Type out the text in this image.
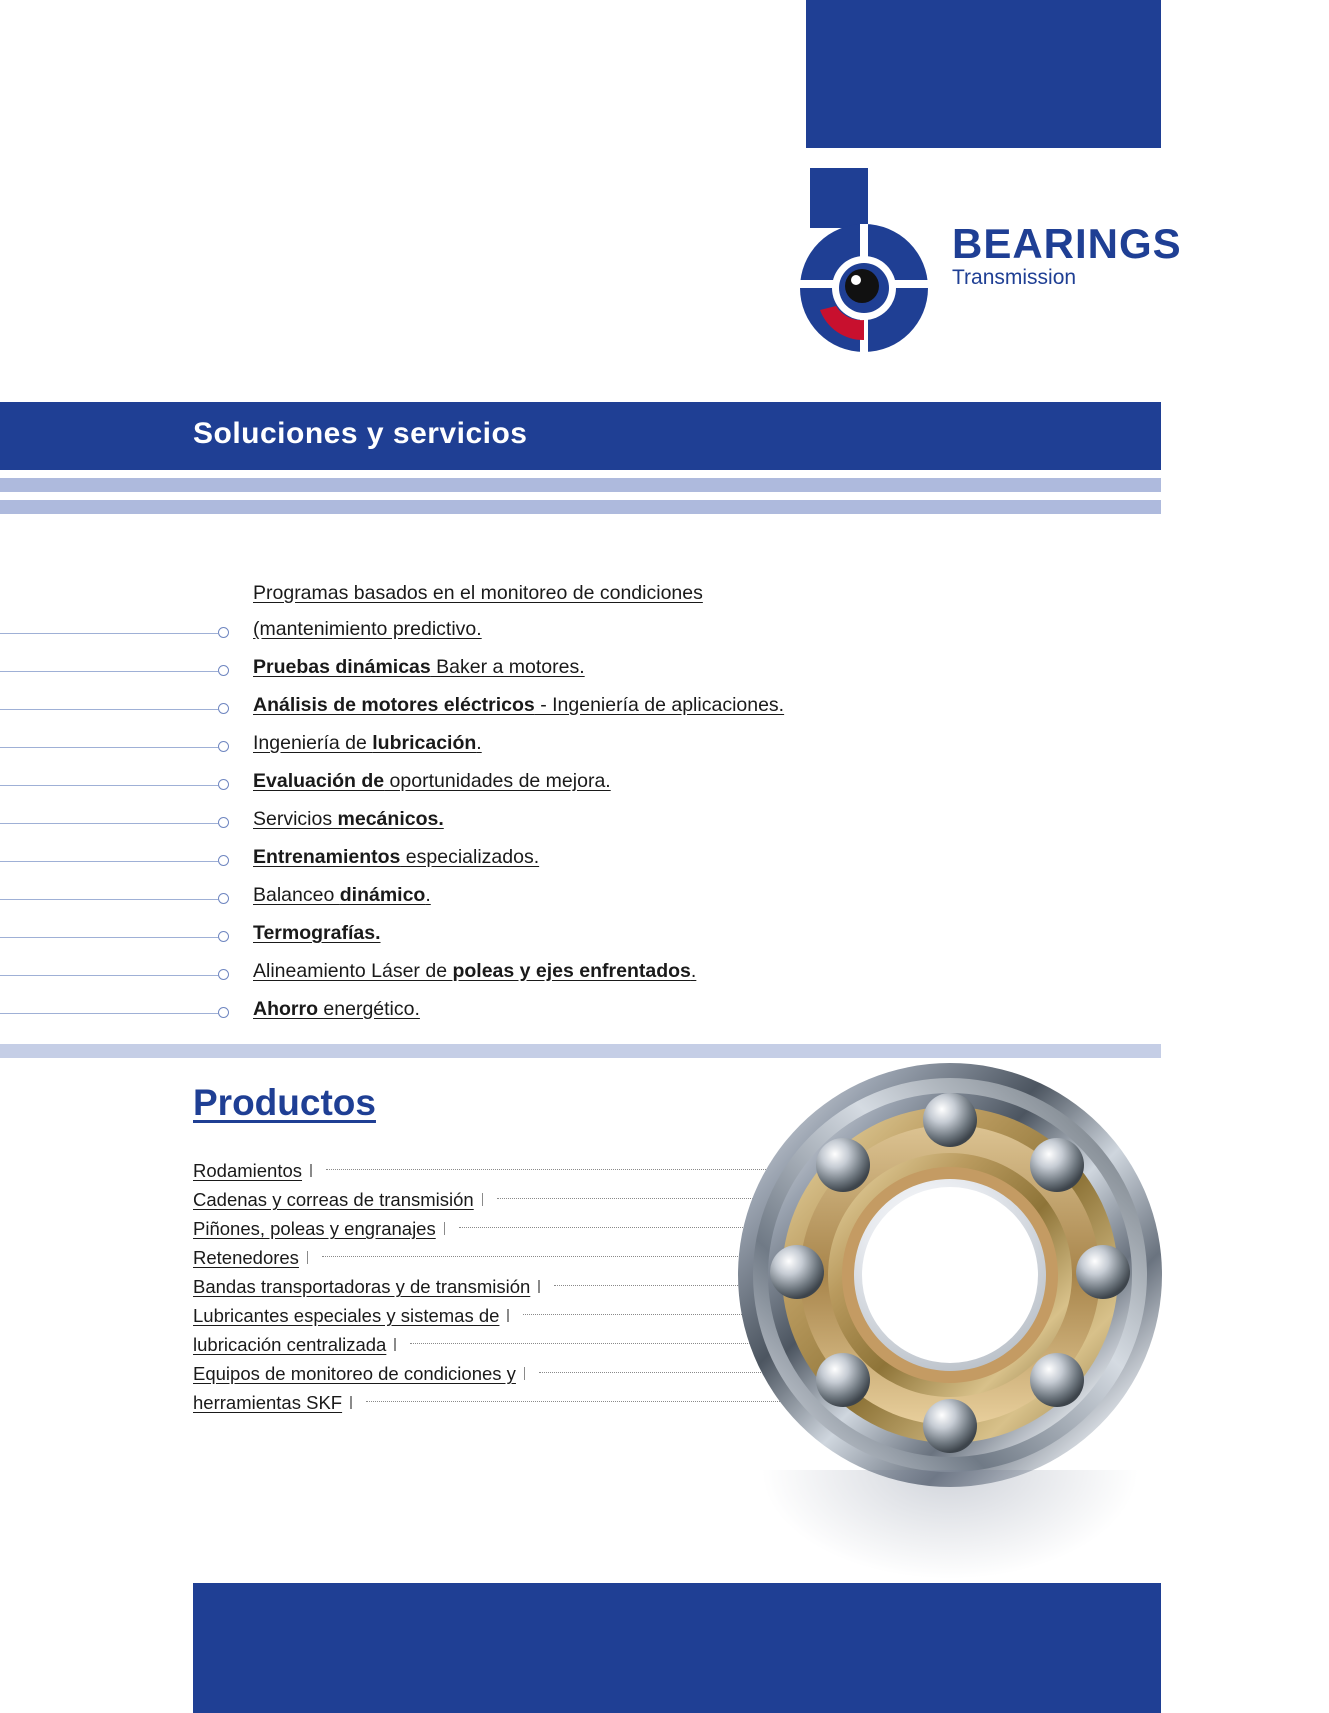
BEARINGS
Transmission
Soluciones y servicios
Programas basados en el monitoreo de condiciones
(mantenimiento predictivo.
Pruebas dinámicas Baker a motores.
Análisis de motores eléctricos - Ingeniería de aplicaciones.
Ingeniería de lubricación.
Evaluación de oportunidades de mejora.
Servicios mecánicos.
Entrenamientos especializados.
Balanceo dinámico.
Termografías.
Alineamiento Láser de poleas y ejes enfrentados.
Ahorro energético.
Productos
Rodamientos
Cadenas y correas de transmisión
Piñones, poleas y engranajes
Retenedores
Bandas transportadoras y de transmisión
Lubricantes especiales y sistemas de
lubricación centralizada
Equipos de monitoreo de condiciones y
herramientas SKF
